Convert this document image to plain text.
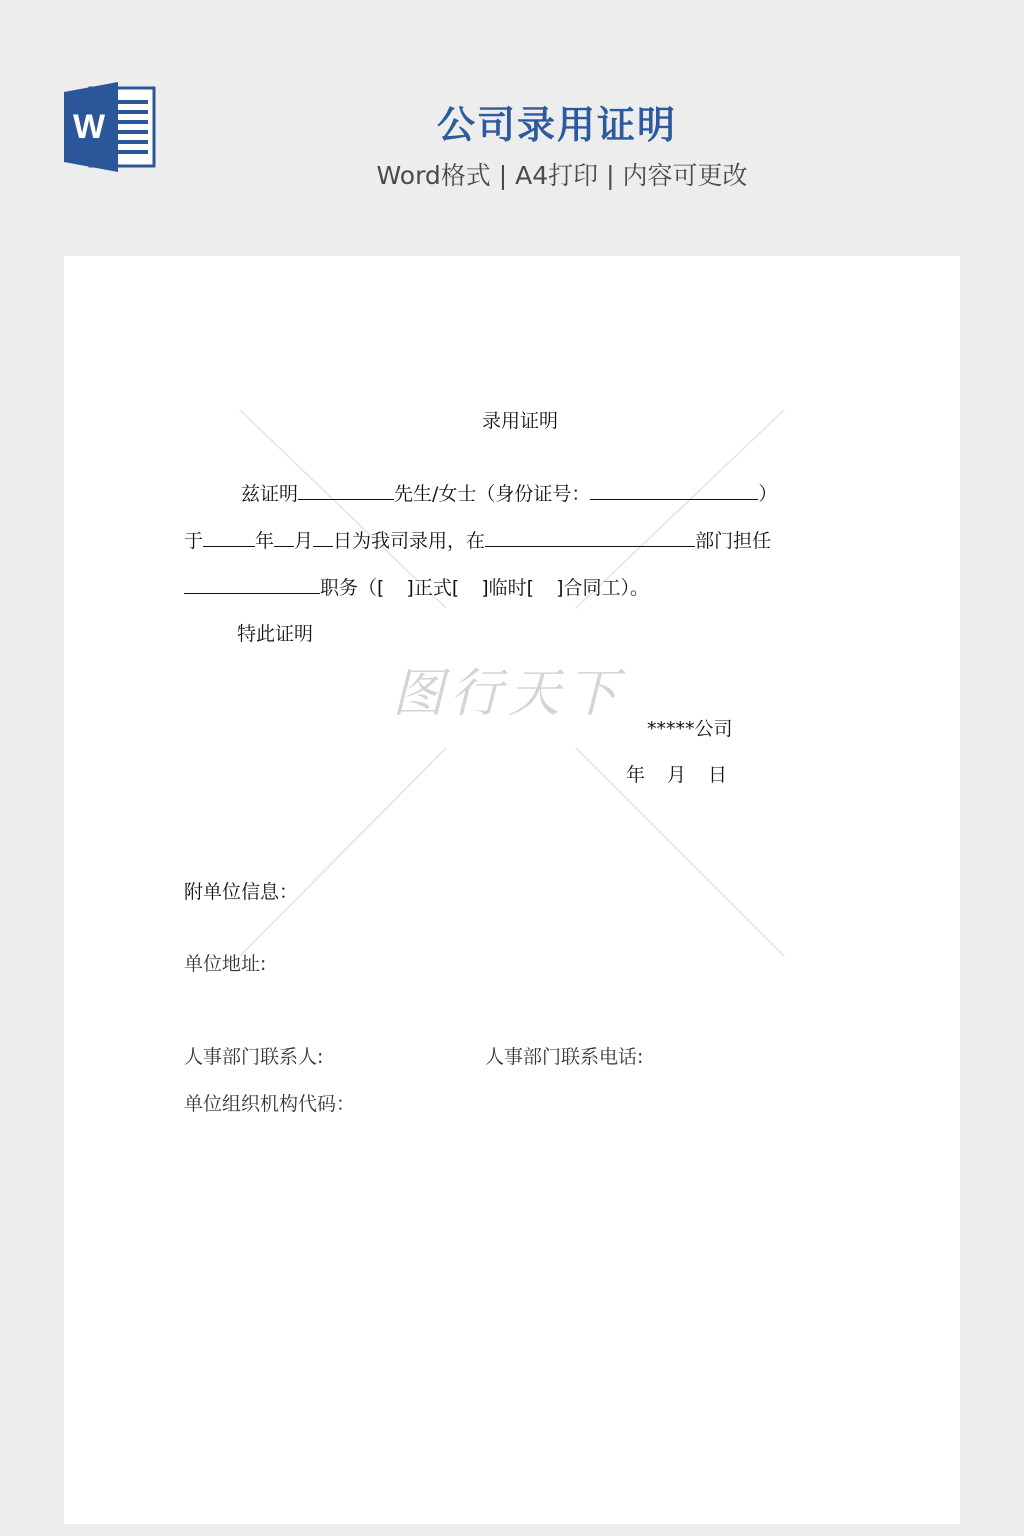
W	公司录用证明
Word格式 | A4打印 | 内容可更改
图行天下
录用证明
兹证明	先生/女士（身份证号：	）
于	年 月 日为我司录用，在	部门担任
职务（[ ]正式[ ]临时[ ]合同工）。
特此证明
*****公司
年 月 日
附单位信息：
单位地址:
人事部门联系人:	人事部门联系电话:
单位组织机构代码：
